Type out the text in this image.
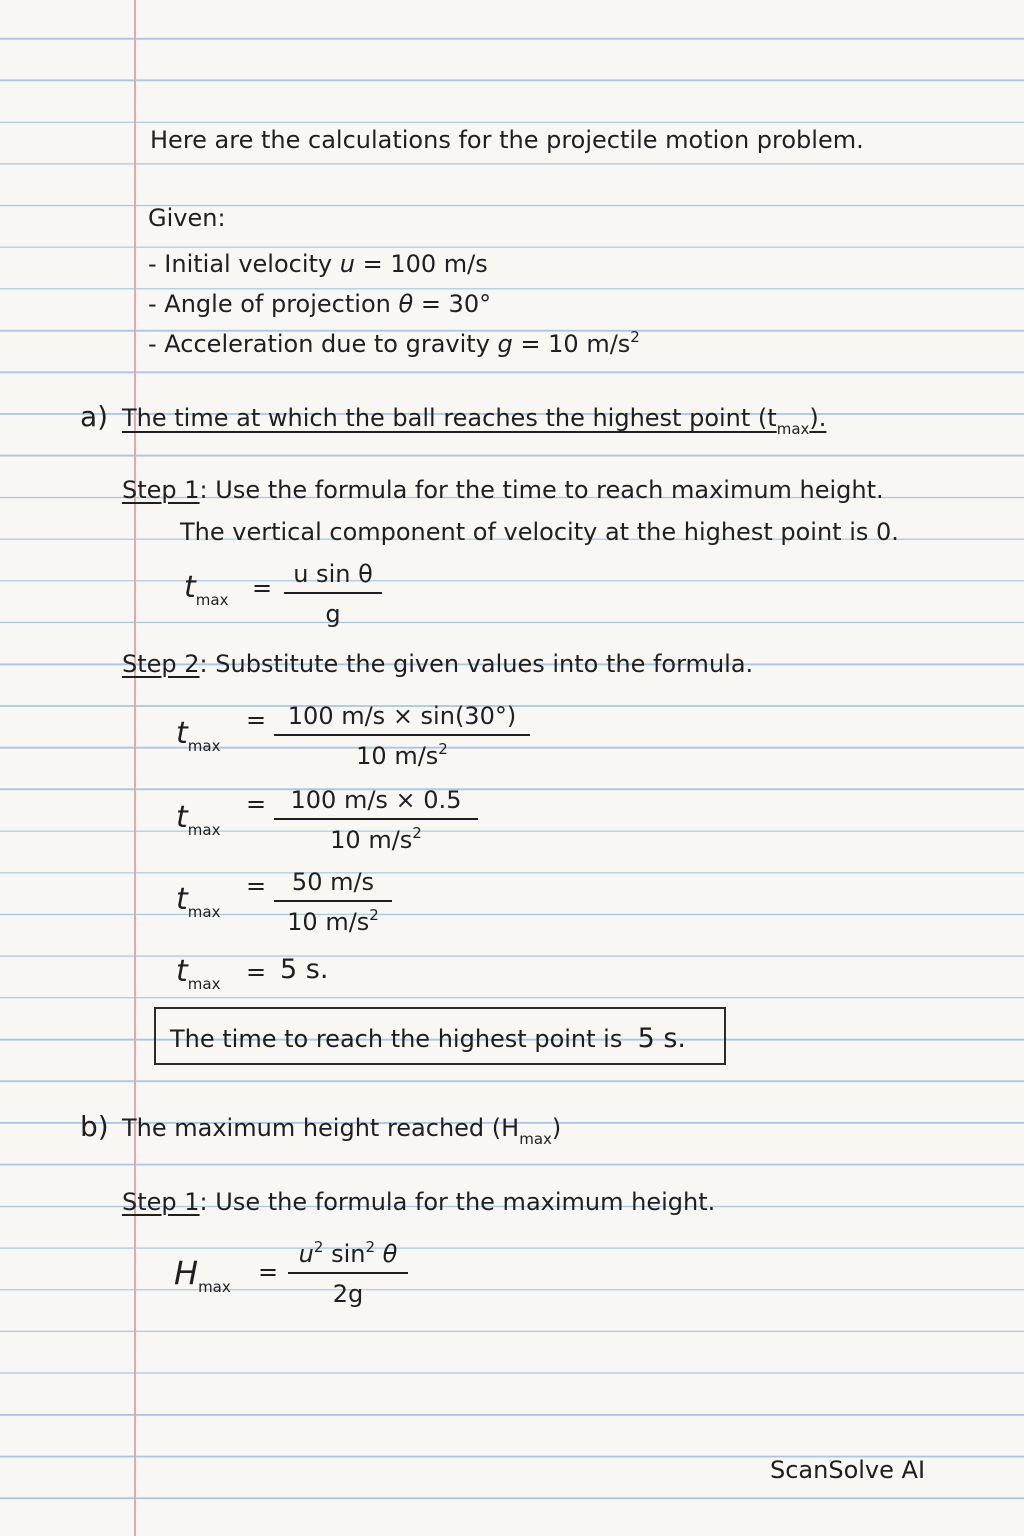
Here are the calculations for the projectile motion problem.
Given:
- Initial velocity u = 100 m/s
- Angle of projection θ = 30°
- Acceleration due to gravity g = 10 $m/s^2$
a) The time at which the ball reaches the highest point $(t_{max})$.
Step 1: Use the formula for the time to reach maximum height.
The vertical component of velocity at the highest point is 0.
$t_{max} = \frac{\text{u sin θ}}{g}$
Step 2: Substitute the given values into the formula.
$t_{max}$
= $\frac{100 m/s \times \sin(30^\circ)}{10 m/s^2}$
$t_{max}$
= $\frac{100 m/s \times 0.5}{10 m/s^2}$
$t_{max}$
= $\frac{50 m/s}{10 m/s^2}$
$t_{max} = 5$ s.
The time to reach the highest point is 5 s.
b) The maximum height reached $(H_{max})$
Step 1: Use the formula for the maximum height.
$H_{max}$
= $\frac{u^2 \sin^2 \theta}{2g}$
ScanSolve AI
